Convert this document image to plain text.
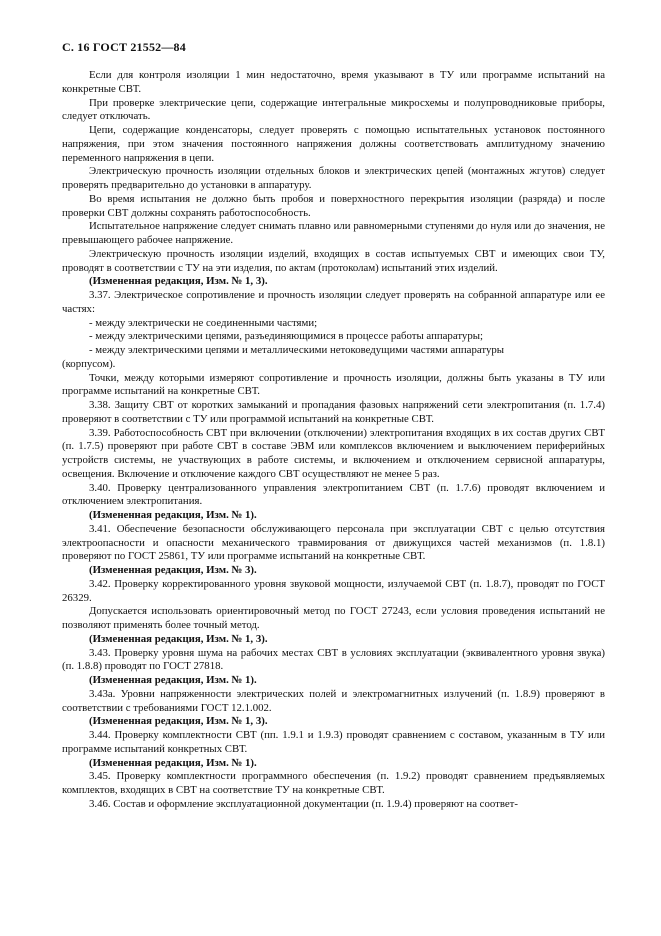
С. 16 ГОСТ 21552—84

Если для контроля изоляции 1 мин недостаточно, время указывают в ТУ или программе испытаний на конкретные СВТ.

При проверке электрические цепи, содержащие интегральные микросхемы и полупроводниковые приборы, следует отключать.

Цепи, содержащие конденсаторы, следует проверять с помощью испытательных установок постоянного напряжения, при этом значения постоянного напряжения должны соответствовать амплитудному значению переменного напряжения в цепи.

Электрическую прочность изоляции отдельных блоков и электрических цепей (монтажных жгутов) следует проверять предварительно до установки в аппаратуру.

Во время испытания не должно быть пробоя и поверхностного перекрытия изоляции (разряда) и после проверки СВТ должны сохранять работоспособность.

Испытательное напряжение следует снимать плавно или равномерными ступенями до нуля или до значения, не превышающего рабочее напряжение.

Электрическую прочность изоляции изделий, входящих в состав испытуемых СВТ и имеющих свои ТУ, проводят в соответствии с ТУ на эти изделия, по актам (протоколам) испытаний этих изделий.

(Измененная редакция, Изм. № 1, 3).

3.37. Электрическое сопротивление и прочность изоляции следует проверять на собранной аппаратуре или ее частях:

- между электрически не соединенными частями;

- между электрическими цепями, разъединяющимися в процессе работы аппаратуры;

- между электрическими цепями и металлическими нетоковедущими частями аппаратуры

(корпусом).

Точки, между которыми измеряют сопротивление и прочность изоляции, должны быть указаны в ТУ или программе испытаний на конкретные СВТ.

3.38. Защиту СВТ от коротких замыканий и пропадания фазовых напряжений сети электропитания (п. 1.7.4) проверяют в соответствии с ТУ или программой испытаний на конкретные СВТ.

3.39. Работоспособность СВТ при включении (отключении) электропитания входящих в их состав других СВТ (п. 1.7.5) проверяют при работе СВТ в составе ЭВМ или комплексов включением и выключением периферийных устройств системы, не участвующих в работе системы, и включением и отключением сервисной аппаратуры, освещения. Включение и отключение каждого СВТ осуществляют не менее 5 раз.

3.40. Проверку централизованного управления электропитанием СВТ (п. 1.7.6) проводят включением и отключением электропитания.

(Измененная редакция, Изм. № 1).

3.41. Обеспечение безопасности обслуживающего персонала при эксплуатации СВТ с целью отсутствия электроопасности и опасности механического травмирования от движущихся частей механизмов (п. 1.8.1) проверяют по ГОСТ 25861, ТУ или программе испытаний на конкретные СВТ.

(Измененная редакция, Изм. № 3).

3.42. Проверку корректированного уровня звуковой мощности, излучаемой СВТ (п. 1.8.7), проводят по ГОСТ 26329.

Допускается использовать ориентировочный метод по ГОСТ 27243, если условия проведения испытаний не позволяют применять более точный метод.

(Измененная редакция, Изм. № 1, 3).

3.43. Проверку уровня шума на рабочих местах СВТ в условиях эксплуатации (эквивалентного уровня звука) (п. 1.8.8) проводят по ГОСТ 27818.

(Измененная редакция, Изм. № 1).

3.43а. Уровни напряженности электрических полей и электромагнитных излучений (п. 1.8.9) проверяют в соответствии с требованиями ГОСТ 12.1.002.

(Измененная редакция, Изм. № 1, 3).

3.44. Проверку комплектности СВТ (пп. 1.9.1 и 1.9.3) проводят сравнением с составом, указанным в ТУ или программе испытаний конкретных СВТ.

(Измененная редакция, Изм. № 1).

3.45. Проверку комплектности программного обеспечения (п. 1.9.2) проводят сравнением предъявляемых комплектов, входящих в СВТ на соответствие ТУ на конкретные СВТ.

3.46. Состав и оформление эксплуатационной документации (п. 1.9.4) проверяют на соответ-
